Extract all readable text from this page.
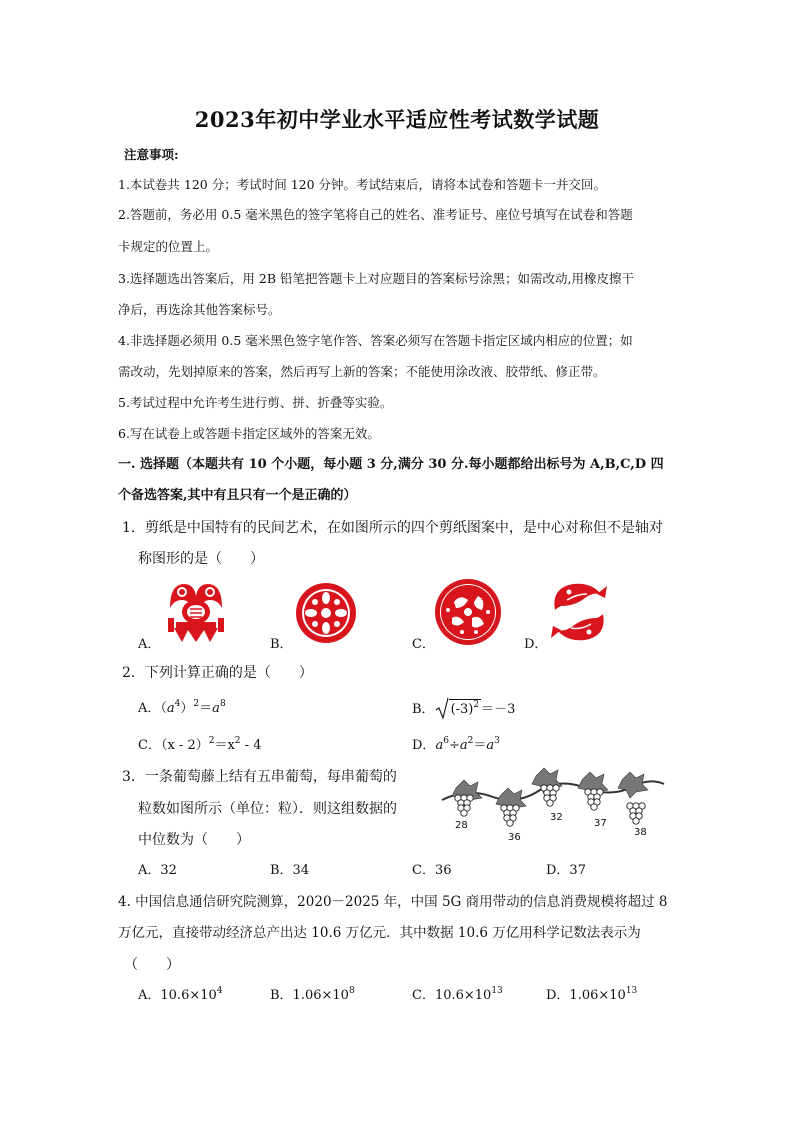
2023年初中学业水平适应性考试数学试题
注意事项:
1.本试卷共 120 分；考试时间 120 分钟。考试结束后，请将本试卷和答题卡一并交回。
2.答题前，务必用 0.5 毫米黑色的签字笔将自己的姓名、准考证号、座位号填写在试卷和答题
卡规定的位置上。
3.选择题选出答案后，用 2B 铅笔把答题卡上对应题目的答案标号涂黑；如需改动,用橡皮擦干
净后，再选涂其他答案标号。
4.非选择题必须用 0.5 毫米黑色签字笔作答、答案必须写在答题卡指定区域内相应的位置；如
需改动，先划掉原来的答案，然后再写上新的答案；不能使用涂改液、胶带纸、修正带。
5.考试过程中允许考生进行剪、拼、折叠等实验。
6.写在试卷上或答题卡指定区域外的答案无效。
一. 选择题（本题共有 10 个小题，每小题 3 分,满分 30 分.每小题都给出标号为 A,B,C,D 四
个备选答案,其中有且只有一个是正确的）
1．剪纸是中国特有的民间艺术，在如图所示的四个剪纸图案中，是中心对称但不是轴对
称图形的是（　　）
A．	B．	C．	D．
2．下列计算正确的是（　　）
A．$(a^4)^2=a^8$	B． $(-3)^2 =-3$
C．$(x - 2)^2=x^2 - 4$	D．$a^6\div a^2=a^3$
3．一条葡萄藤上结有五串葡萄，每串葡萄的
粒数如图所示（单位：粒）．则这组数据的
中位数为（　　）
28
36
32
37
38
A．32	B．34	C．36	D．37
4. 中国信息通信研究院测算，2020－2025 年，中国 5G 商用带动的信息消费规模将超过 8
万亿元，直接带动经济总产出达 10.6 万亿元．其中数据 10.6 万亿用科学记数法表示为
（　　）
A．$10.6\times 10^4$	B．$1.06\times 10^8$	C．$10.6\times 10^{13}$	D．$1.06\times 10^{13}$
